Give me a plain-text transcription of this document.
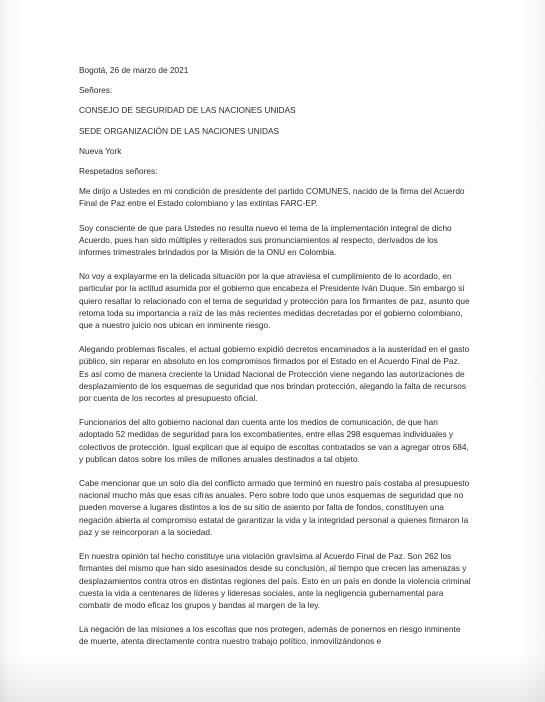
Bogotá, 26 de marzo de 2021
Señores:
CONSEJO DE SEGURIDAD DE LAS NACIONES UNIDAS
SEDE ORGANIZACIÓN DE LAS NACIONES UNIDAS
Nueva York
Respetados señores:

Me dirijo a Ustedes en mi condición de presidente del partido COMUNES, nacido de la firma del Acuerdo Final de Paz entre el Estado colombiano y las extintas FARC-EP.

Soy consciente de que para Ustedes no resulta nuevo el tema de la implementación integral de dicho Acuerdo, pues han sido múltiples y reiterados sus pronunciamientos al respecto, derivados de los informes trimestrales brindados por la Misión de la ONU en Colombia.

No voy a explayarme en la delicada situación por la que atraviesa el cumplimiento de lo acordado, en particular por la actitud asumida por el gobierno que encabeza el Presidente Iván Duque. Sin embargo sí quiero resaltar lo relacionado con el tema de seguridad y protección para los firmantes de paz, asunto que retoma toda su importancia a raíz de las más recientes medidas decretadas por el gobierno colombiano, que a nuestro juicio nos ubican en inminente riesgo.

Alegando problemas fiscales, el actual gobierno expidió decretos encaminados a la austeridad en el gasto público, sin reparar en absoluto en los compromisos firmados por el Estado en el Acuerdo Final de Paz. Es así como de manera creciente la Unidad Nacional de Protección viene negando las autorizaciones de desplazamiento de los esquemas de seguridad que nos brindan protección, alegando la falta de recursos por cuenta de los recortes al presupuesto oficial.

Funcionarios del alto gobierno nacional dan cuenta ante los medios de comunicación, de que han adoptado 52 medidas de seguridad para los excombatientes, entre ellas 298 esquemas individuales y colectivos de protección. Igual explican que al equipo de escoltas contratados se van a agregar otros 684, y publican datos sobre los miles de millones anuales destinados a tal objeto.

Cabe mencionar que un solo día del conflicto armado que terminó en nuestro país costaba al presupuesto nacional mucho más que esas cifras anuales. Pero sobre todo que unos esquemas de seguridad que no pueden moverse a lugares distintos a los de su sitio de asiento por falta de fondos, constituyen una negación abierta al compromiso estatal de garantizar la vida y la integridad personal a quienes firmaron la paz y se reincorporan a la sociedad.

En nuestra opinión tal hecho constituye una violación gravísima al Acuerdo Final de Paz. Son 262 los firmantes del mismo que han sido asesinados desde su conclusión, al tiempo que crecen las amenazas y desplazamientos contra otros en distintas regiones del país. Esto en un país en donde la violencia criminal cuesta la vida a centenares de líderes y lideresas sociales, ante la negligencia gubernamental para combatir de modo eficaz los grupos y bandas al margen de la ley.

La negación de las misiones a los escoltas que nos protegen, además de ponernos en riesgo inminente de muerte, atenta directamente contra nuestro trabajo político, inmovilizándonos e
